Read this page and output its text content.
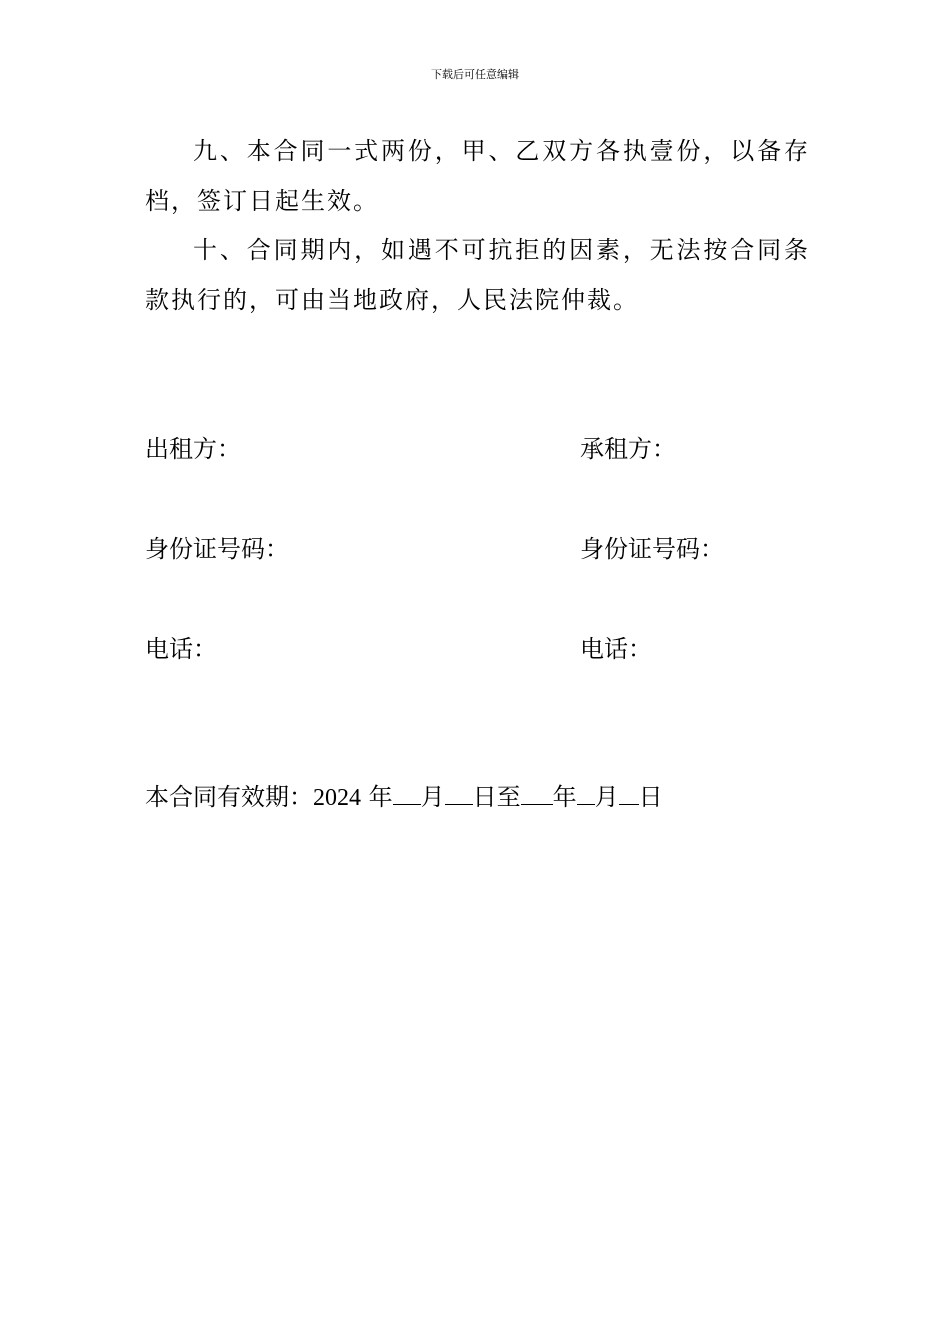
下载后可任意编辑
九、本合同一式两份，甲、乙双方各执壹份，以备存档，签订日起生效。
十、合同期内，如遇不可抗拒的因素，无法按合同条款执行的，可由当地政府，人民法院仲裁。
出租方：	承租方：
身份证号码：	身份证号码：
电话：	电话：
本合同有效期：2024 年 月 日至 年 月 日
